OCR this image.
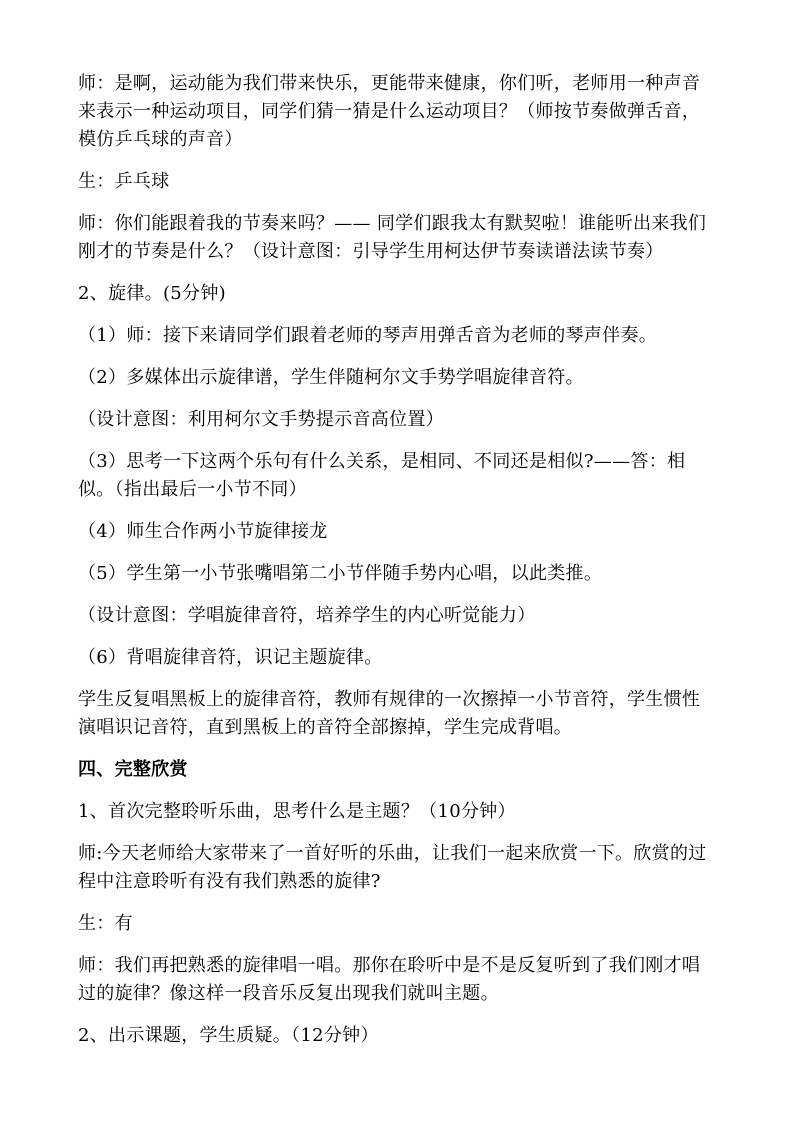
师：是啊，运动能为我们带来快乐，更能带来健康，你们听，老师用一种声音来表示一种运动项目，同学们猜一猜是什么运动项目？（师按节奏做弹舌音，模仿乒乓球的声音）

生：乒乓球

师：你们能跟着我的节奏来吗？—— 同学们跟我太有默契啦！谁能听出来我们刚才的节奏是什么？（设计意图：引导学生用柯达伊节奏读谱法读节奏）

2、旋律。(5分钟)

（1）师：接下来请同学们跟着老师的琴声用弹舌音为老师的琴声伴奏。

（2）多媒体出示旋律谱，学生伴随柯尔文手势学唱旋律音符。

（设计意图：利用柯尔文手势提示音高位置）

（3）思考一下这两个乐句有什么关系，是相同、不同还是相似?——答：相似。（指出最后一小节不同）

（4）师生合作两小节旋律接龙

（5）学生第一小节张嘴唱第二小节伴随手势内心唱，以此类推。

（设计意图：学唱旋律音符，培养学生的内心听觉能力）

（6）背唱旋律音符，识记主题旋律。

学生反复唱黑板上的旋律音符，教师有规律的一次擦掉一小节音符，学生惯性演唱识记音符，直到黑板上的音符全部擦掉，学生完成背唱。

四、完整欣赏

1、首次完整聆听乐曲，思考什么是主题？（10分钟）

师:今天老师给大家带来了一首好听的乐曲，让我们一起来欣赏一下。欣赏的过程中注意聆听有没有我们熟悉的旋律?

生：有

师：我们再把熟悉的旋律唱一唱。那你在聆听中是不是反复听到了我们刚才唱过的旋律？像这样一段音乐反复出现我们就叫主题。

2、出示课题，学生质疑。（12分钟）
